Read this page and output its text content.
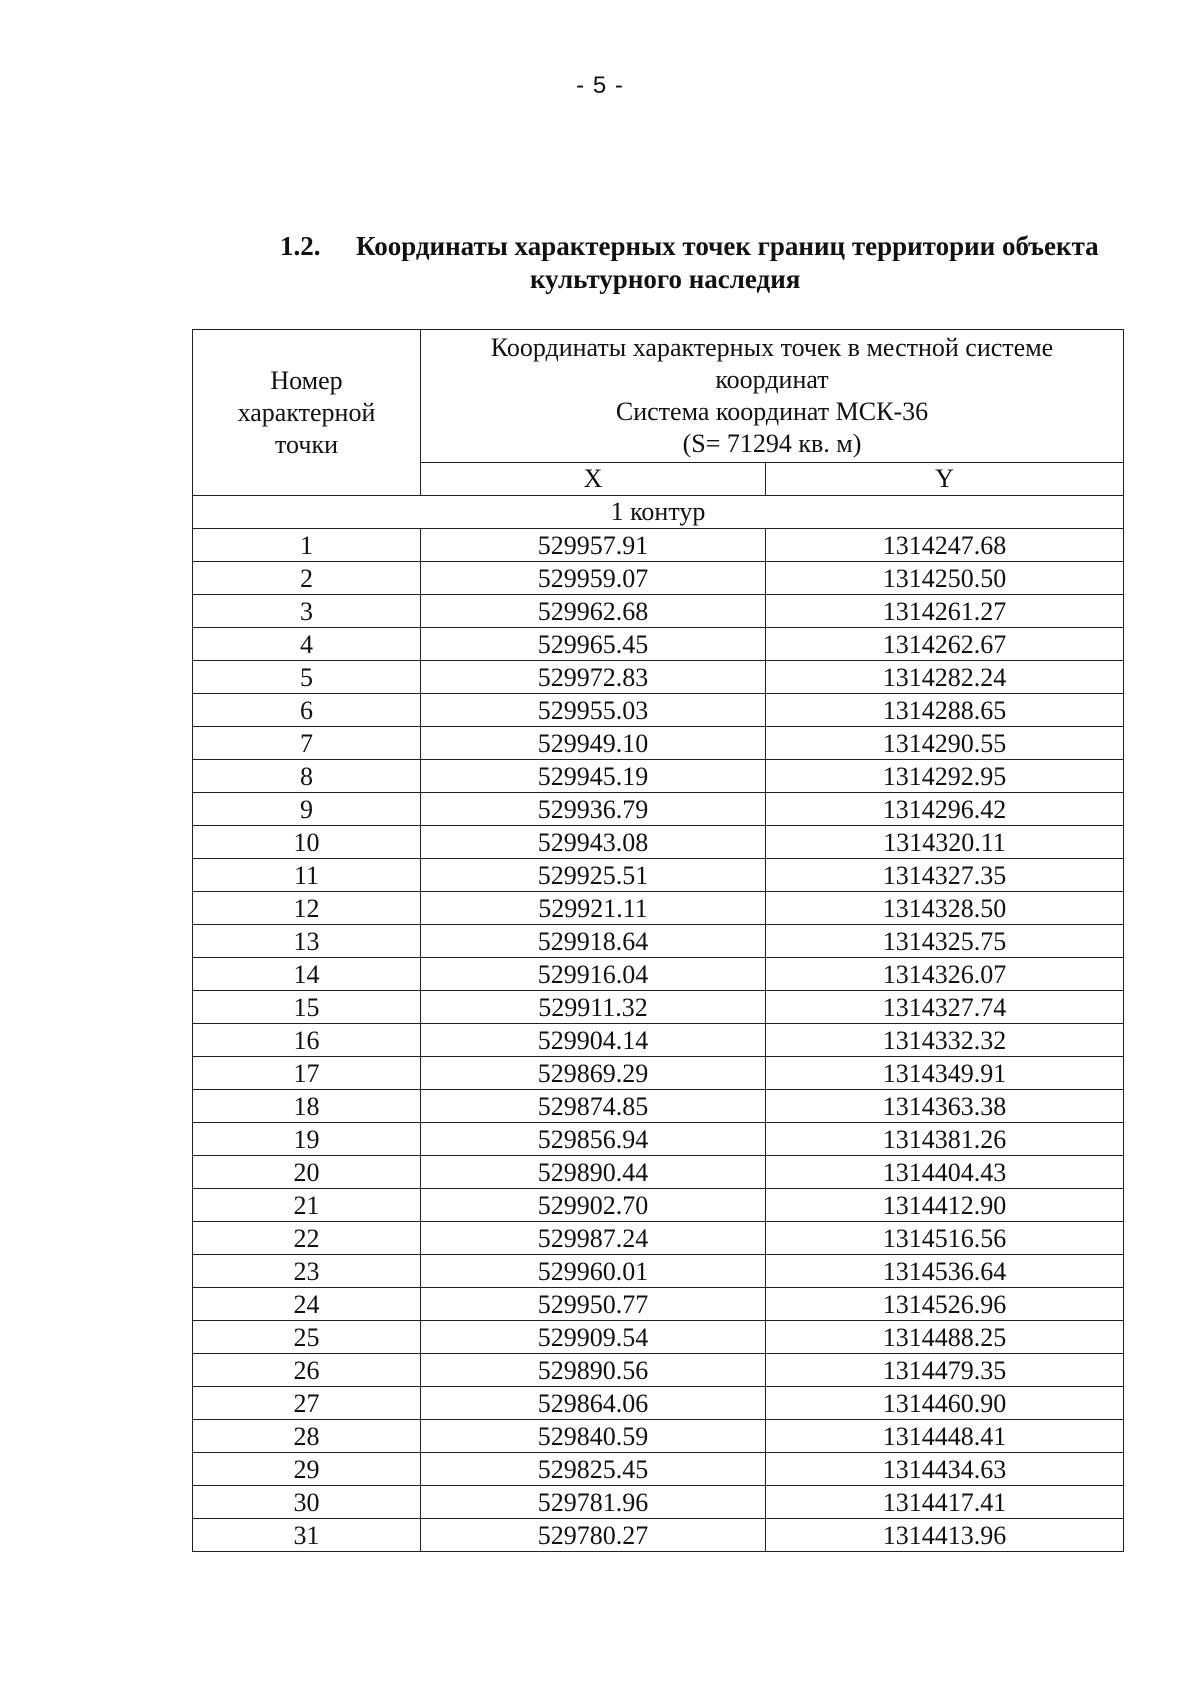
- 5 -
1.2. Координаты характерных точек границ территории объекта
культурного наследия
Номер
характерной
точки	Координаты характерных точек в местной системе
координат
Система координат МСК-36
(S= 71294 кв. м)	

	X	Y
1 контур		
1	529957.91	1314247.68
2	529959.07	1314250.50
3	529962.68	1314261.27
4	529965.45	1314262.67
5	529972.83	1314282.24
6	529955.03	1314288.65
7	529949.10	1314290.55
8	529945.19	1314292.95
9	529936.79	1314296.42
10	529943.08	1314320.11
11	529925.51	1314327.35
12	529921.11	1314328.50
13	529918.64	1314325.75
14	529916.04	1314326.07
15	529911.32	1314327.74
16	529904.14	1314332.32
17	529869.29	1314349.91
18	529874.85	1314363.38
19	529856.94	1314381.26
20	529890.44	1314404.43
21	529902.70	1314412.90
22	529987.24	1314516.56
23	529960.01	1314536.64
24	529950.77	1314526.96
25	529909.54	1314488.25
26	529890.56	1314479.35
27	529864.06	1314460.90
28	529840.59	1314448.41
29	529825.45	1314434.63
30	529781.96	1314417.41
31	529780.27	1314413.96
